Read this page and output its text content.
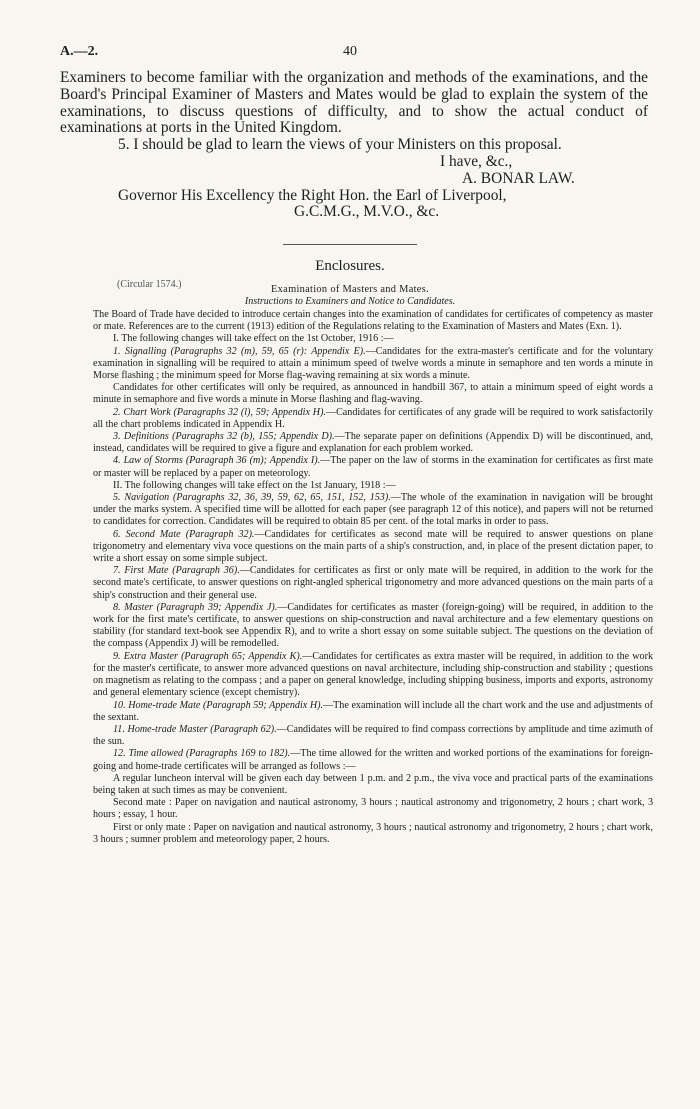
A.—2.	40

Examiners to become familiar with the organization and methods of the examinations, and the Board's Principal Examiner of Masters and Mates would be glad to explain the system of the examinations, to discuss questions of difficulty, and to show the actual conduct of examinations at ports in the United Kingdom.

5. I should be glad to learn the views of your Ministers on this proposal.

I have, &c.,
A. BONAR LAW.
Governor His Excellency the Right Hon. the Earl of Liverpool,
G.C.M.G., M.V.O., &c.
Enclosures.
(Circular 1574.)	Examination of Masters and Mates.
Instructions to Examiners and Notice to Candidates.

The Board of Trade have decided to introduce certain changes into the examination of candidates for certificates of competency as master or mate. References are to the current (1913) edition of the Regulations relating to the Examination of Masters and Mates (Exn. 1).

I. The following changes will take effect on the 1st October, 1916 :—

1. Signalling (Paragraphs 32 (m), 59, 65 (r): Appendix E).—Candidates for the extra-master's certificate and for the voluntary examination in signalling will be required to attain a minimum speed of twelve words a minute in semaphore and ten words a minute in Morse flashing ; the minimum speed for Morse flag-waving remaining at six words a minute.

Candidates for other certificates will only be required, as announced in handbill 367, to attain a minimum speed of eight words a minute in semaphore and five words a minute in Morse flashing and flag-waving.

2. Chart Work (Paragraphs 32 (l), 59; Appendix H).—Candidates for certificates of any grade will be required to work satisfactorily all the chart problems indicated in Appendix H.

3. Definitions (Paragraphs 32 (b), 155; Appendix D).—The separate paper on definitions (Appendix D) will be discontinued, and, instead, candidates will be required to give a figure and explanation for each problem worked.

4. Law of Storms (Paragraph 36 (m); Appendix I).—The paper on the law of storms in the examination for certificates as first mate or master will be replaced by a paper on meteorology.

II. The following changes will take effect on the 1st January, 1918 :—

5. Navigation (Paragraphs 32, 36, 39, 59, 62, 65, 151, 152, 153).—The whole of the examination in navigation will be brought under the marks system. A specified time will be allotted for each paper (see paragraph 12 of this notice), and papers will not be returned to candidates for correction. Candidates will be required to obtain 85 per cent. of the total marks in order to pass.

6. Second Mate (Paragraph 32).—Candidates for certificates as second mate will be required to answer questions on plane trigonometry and elementary viva voce questions on the main parts of a ship's construction, and, in place of the present dictation paper, to write a short essay on some simple subject.

7. First Mate (Paragraph 36).—Candidates for certificates as first or only mate will be required, in addition to the work for the second mate's certificate, to answer questions on right-angled spherical trigonometry and more advanced questions on the main parts of a ship's construction and their general use.

8. Master (Paragraph 39; Appendix J).—Candidates for certificates as master (foreign-going) will be required, in addition to the work for the first mate's certificate, to answer questions on ship-construction and naval architecture and a few elementary questions on stability (for standard text-book see Appendix R), and to write a short essay on some suitable subject. The questions on the deviation of the compass (Appendix J) will be remodelled.

9. Extra Master (Paragraph 65; Appendix K).—Candidates for certificates as extra master will be required, in addition to the work for the master's certificate, to answer more advanced questions on naval architecture, including ship-construction and stability ; questions on magnetism as relating to the compass ; and a paper on general knowledge, including shipping business, imports and exports, astronomy and general elementary science (except chemistry).

10. Home-trade Mate (Paragraph 59; Appendix H).—The examination will include all the chart work and the use and adjustments of the sextant.

11. Home-trade Master (Paragraph 62).—Candidates will be required to find compass corrections by amplitude and time azimuth of the sun.

12. Time allowed (Paragraphs 169 to 182).—The time allowed for the written and worked portions of the examinations for foreign-going and home-trade certificates will be arranged as follows :—

A regular luncheon interval will be given each day between 1 p.m. and 2 p.m., the viva voce and practical parts of the examinations being taken at such times as may be convenient.

Second mate : Paper on navigation and nautical astronomy, 3 hours ; nautical astronomy and trigonometry, 2 hours ; chart work, 3 hours ; essay, 1 hour.

First or only mate : Paper on navigation and nautical astronomy, 3 hours ; nautical astronomy and trigonometry, 2 hours ; chart work, 3 hours ; sumner problem and meteorology paper, 2 hours.
